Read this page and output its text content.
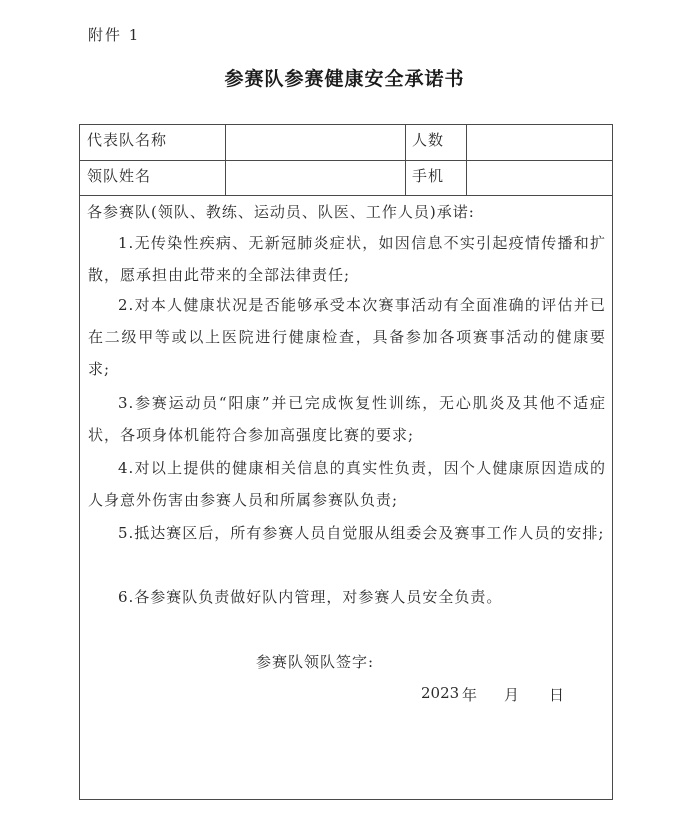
附件 1
参赛队参赛健康安全承诺书
代表队名称	人数
领队姓名	手机
各参赛队(领队、教练、运动员、队医、工作人员)承诺:
1.无传染性疾病、无新冠肺炎症状，如因信息不实引起疫情传播和扩散，愿承担由此带来的全部法律责任;
2.对本人健康状况是否能够承受本次赛事活动有全面准确的评估并已在二级甲等或以上医院进行健康检查，具备参加各项赛事活动的健康要求;
3.参赛运动员“阳康”并已完成恢复性训练，无心肌炎及其他不适症状，各项身体机能符合参加高强度比赛的要求;
4.对以上提供的健康相关信息的真实性负责，因个人健康原因造成的人身意外伤害由参赛人员和所属参赛队负责;
5.抵达赛区后，所有参赛人员自觉服从组委会及赛事工作人员的安排;
6.各参赛队负责做好队内管理，对参赛人员安全负责。
参赛队领队签字:
2023 年 月 日
